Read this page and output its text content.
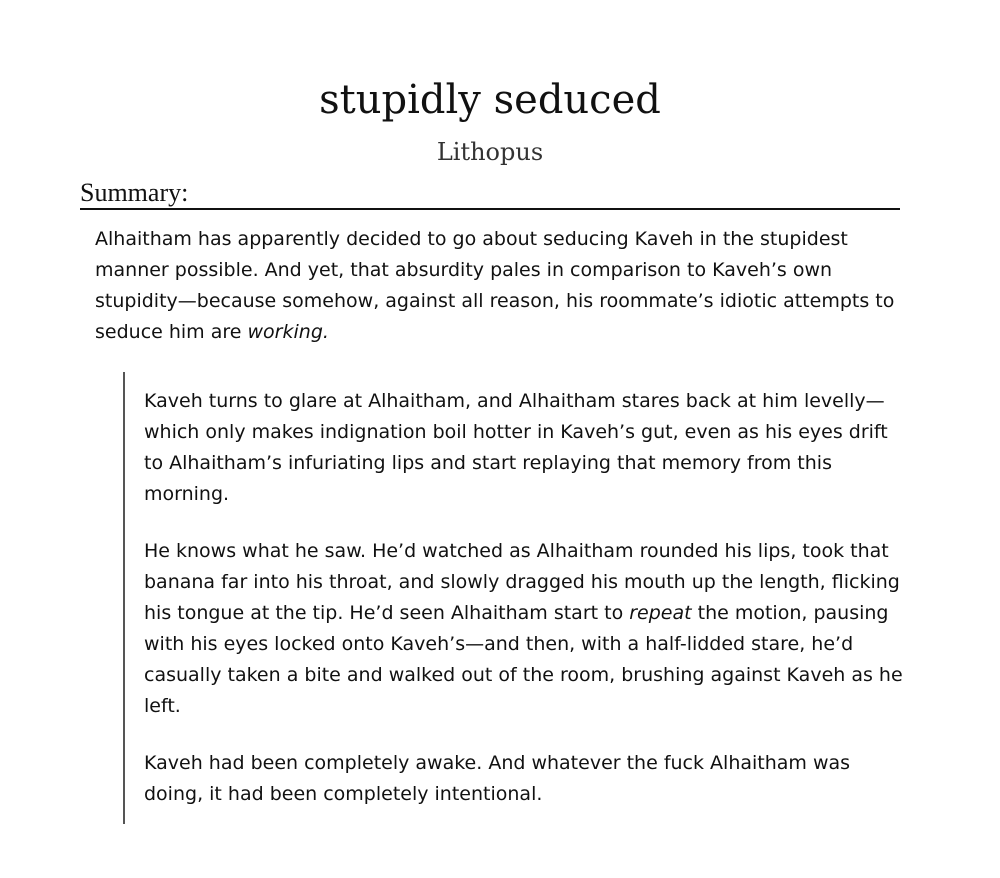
stupidly seduced
Lithopus
Summary:

Alhaitham has apparently decided to go about seducing Kaveh in the stupidest manner possible. And yet, that absurdity pales in comparison to Kaveh’s own stupidity—because somehow, against all reason, his roommate’s idiotic attempts to seduce him are working.

Kaveh turns to glare at Alhaitham, and Alhaitham stares back at him levelly—which only makes indignation boil hotter in Kaveh’s gut, even as his eyes drift to Alhaitham’s infuriating lips and start replaying that memory from this morning.

He knows what he saw. He’d watched as Alhaitham rounded his lips, took that banana far into his throat, and slowly dragged his mouth up the length, flicking his tongue at the tip. He’d seen Alhaitham start to repeat the motion, pausing with his eyes locked onto Kaveh’s—and then, with a half-lidded stare, he’d casually taken a bite and walked out of the room, brushing against Kaveh as he left.

Kaveh had been completely awake. And whatever the fuck Alhaitham was doing, it had been completely intentional.
